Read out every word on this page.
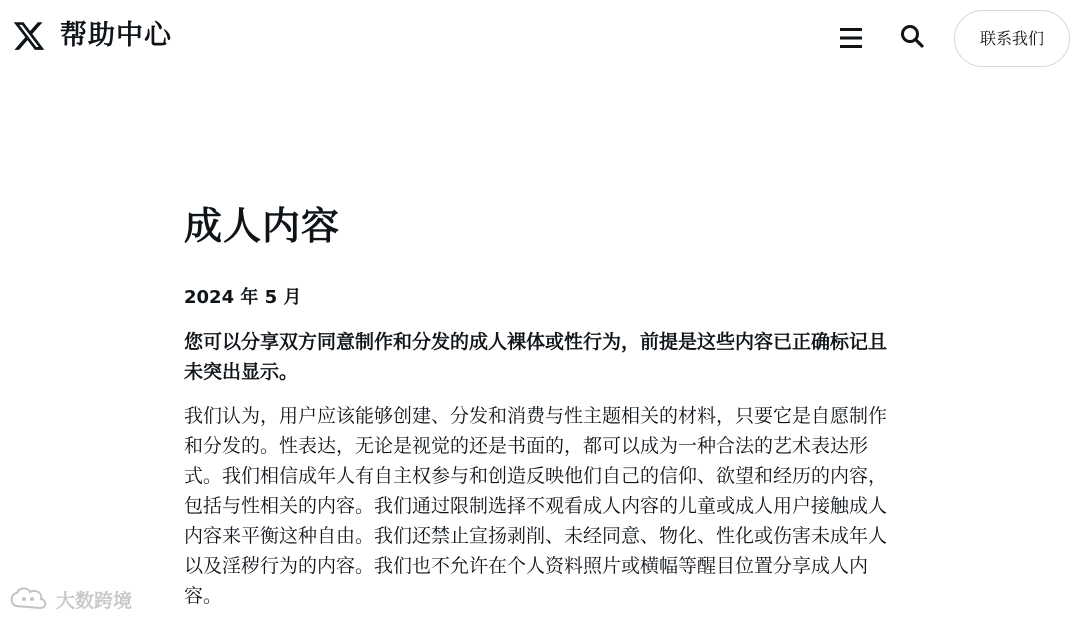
帮助中心	联系我们
成人内容
2024 年 5 月

您可以分享双方同意制作和分发的成人裸体或性行为，前提是这些内容已正确标记且未突出显示。

我们认为，用户应该能够创建、分发和消费与性主题相关的材料，只要它是自愿制作和分发的。性表达，无论是视觉的还是书面的，都可以成为一种合法的艺术表达形式。我们相信成年人有自主权参与和创造反映他们自己的信仰、欲望和经历的内容，包括与性相关的内容。我们通过限制选择不观看成人内容的儿童或成人用户接触成人内容来平衡这种自由。我们还禁止宣扬剥削、未经同意、物化、性化或伤害未成年人以及淫秽行为的内容。我们也不允许在个人资料照片或横幅等醒目位置分享成人内容。

大数跨境
